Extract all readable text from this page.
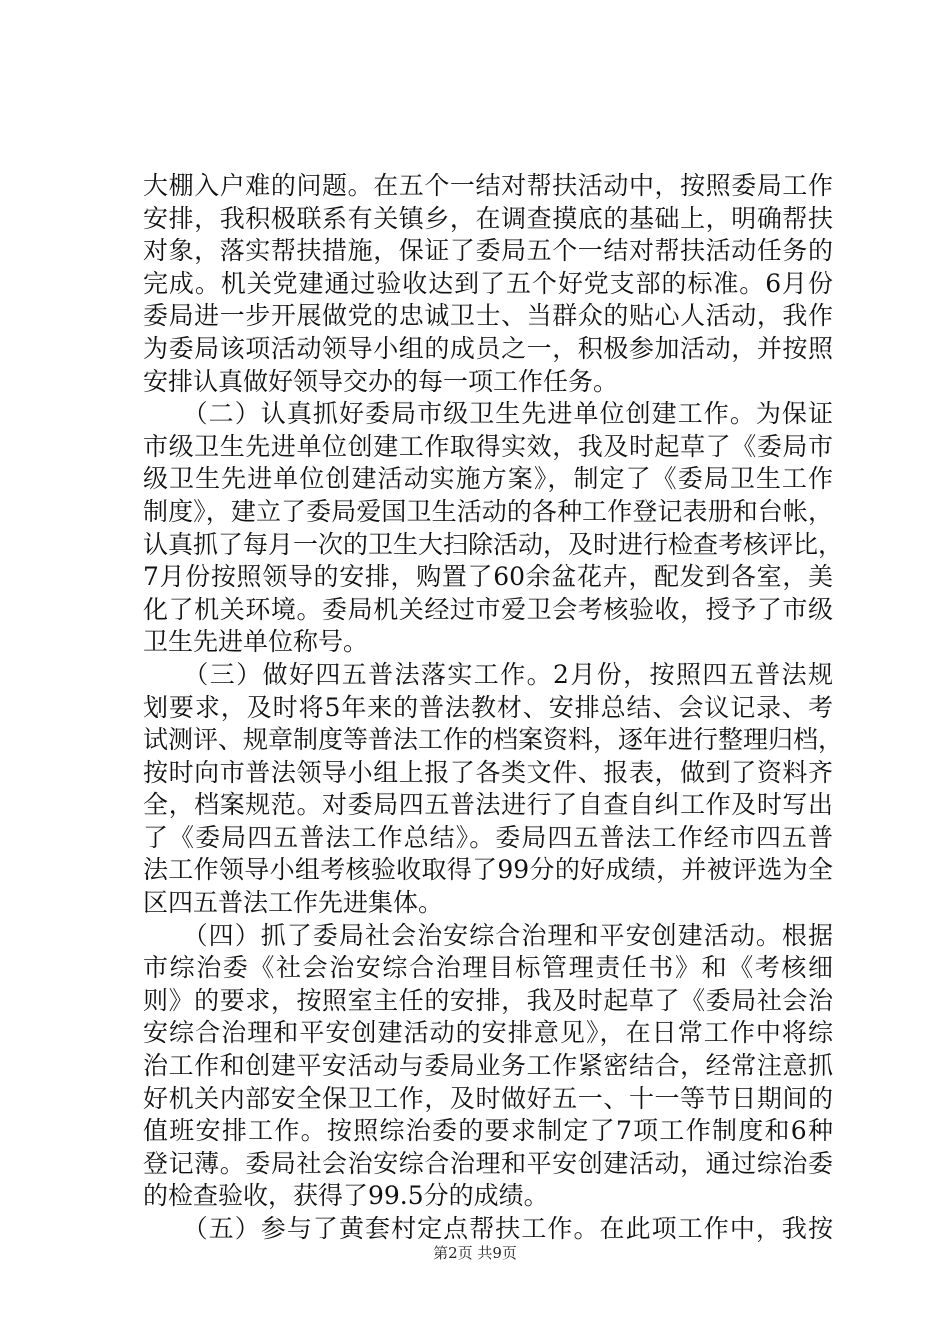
大棚入户难的问题。在五个一结对帮扶活动中，按照委局工作
安排，我积极联系有关镇乡，在调查摸底的基础上，明确帮扶
对象，落实帮扶措施，保证了委局五个一结对帮扶活动任务的
完成。机关党建通过验收达到了五个好党支部的标准。6月份
委局进一步开展做党的忠诚卫士、当群众的贴心人活动，我作
为委局该项活动领导小组的成员之一，积极参加活动，并按照
安排认真做好领导交办的每一项工作任务。
　　（二）认真抓好委局市级卫生先进单位创建工作。为保证
市级卫生先进单位创建工作取得实效，我及时起草了《委局市
级卫生先进单位创建活动实施方案》，制定了《委局卫生工作
制度》，建立了委局爱国卫生活动的各种工作登记表册和台帐，
认真抓了每月一次的卫生大扫除活动，及时进行检查考核评比，
7月份按照领导的安排，购置了60余盆花卉，配发到各室，美
化了机关环境。委局机关经过市爱卫会考核验收，授予了市级
卫生先进单位称号。
　　（三）做好四五普法落实工作。2月份，按照四五普法规
划要求，及时将5年来的普法教材、安排总结、会议记录、考
试测评、规章制度等普法工作的档案资料，逐年进行整理归档，
按时向市普法领导小组上报了各类文件、报表，做到了资料齐
全，档案规范。对委局四五普法进行了自查自纠工作及时写出
了《委局四五普法工作总结》。委局四五普法工作经市四五普
法工作领导小组考核验收取得了99分的好成绩，并被评选为全
区四五普法工作先进集体。
　　（四）抓了委局社会治安综合治理和平安创建活动。根据
市综治委《社会治安综合治理目标管理责任书》和《考核细
则》的要求，按照室主任的安排，我及时起草了《委局社会治
安综合治理和平安创建活动的安排意见》，在日常工作中将综
治工作和创建平安活动与委局业务工作紧密结合，经常注意抓
好机关内部安全保卫工作，及时做好五一、十一等节日期间的
值班安排工作。按照综治委的要求制定了7项工作制度和6种
登记薄。委局社会治安综合治理和平安创建活动，通过综治委
的检查验收，获得了99.5分的成绩。
　　（五）参与了黄套村定点帮扶工作。在此项工作中，我按
第2页 共9页
